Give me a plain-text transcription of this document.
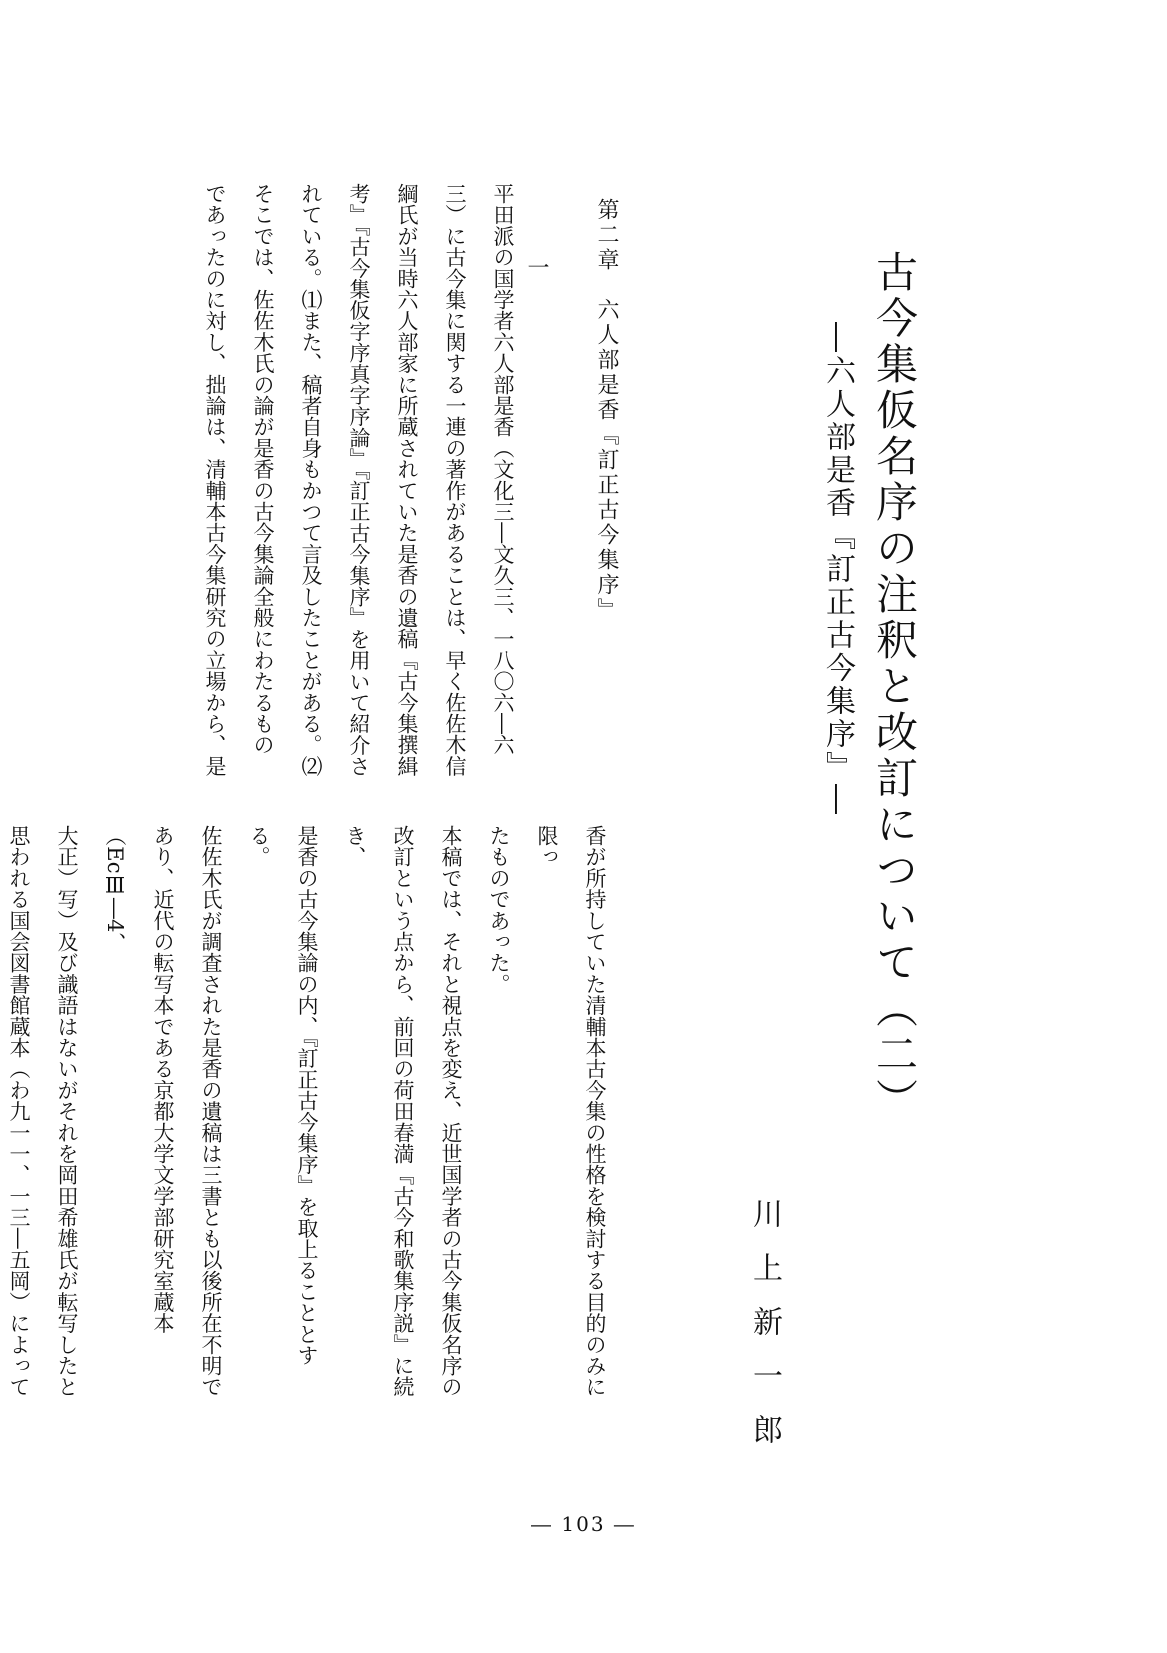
古今集仮名序の注釈と改訂について（二）
―六人部是香『訂正古今集序』―
川上新一郎
第二章　六人部是香『訂正古今集序』
一

平田派の国学者六人部是香（文化三―文久三、一八〇六―六

三）に古今集に関する一連の著作があることは、早く佐佐木信

綱氏が当時六人部家に所蔵されていた是香の遺稿『古今集撰緝

考』『古今集仮字序真字序論』『訂正古今集序』を用いて紹介さ

れている。⑴また、稿者自身もかつて言及したことがある。⑵

そこでは、佐佐木氏の論が是香の古今集論全般にわたるもの

であったのに対し、拙論は、清輔本古今集研究の立場から、是

香が所持していた清輔本古今集の性格を検討する目的のみに限っ

たものであった。

本稿では、それと視点を変え、近世国学者の古今集仮名序の

改訂という点から、前回の荷田春満『古今和歌集序説』に続き、

是香の古今集論の内、『訂正古今集序』を取上ることとする。

佐佐木氏が調査された是香の遺稿は三書とも以後所在不明で

あり、近代の転写本である京都大学文学部研究室蔵本（EcⅢ―4、

大正）写）及び識語はないがそれを岡田希雄氏が転写したと

思われる国会図書館蔵本（わ九一一、一三―五岡）によって

― 103 ―
